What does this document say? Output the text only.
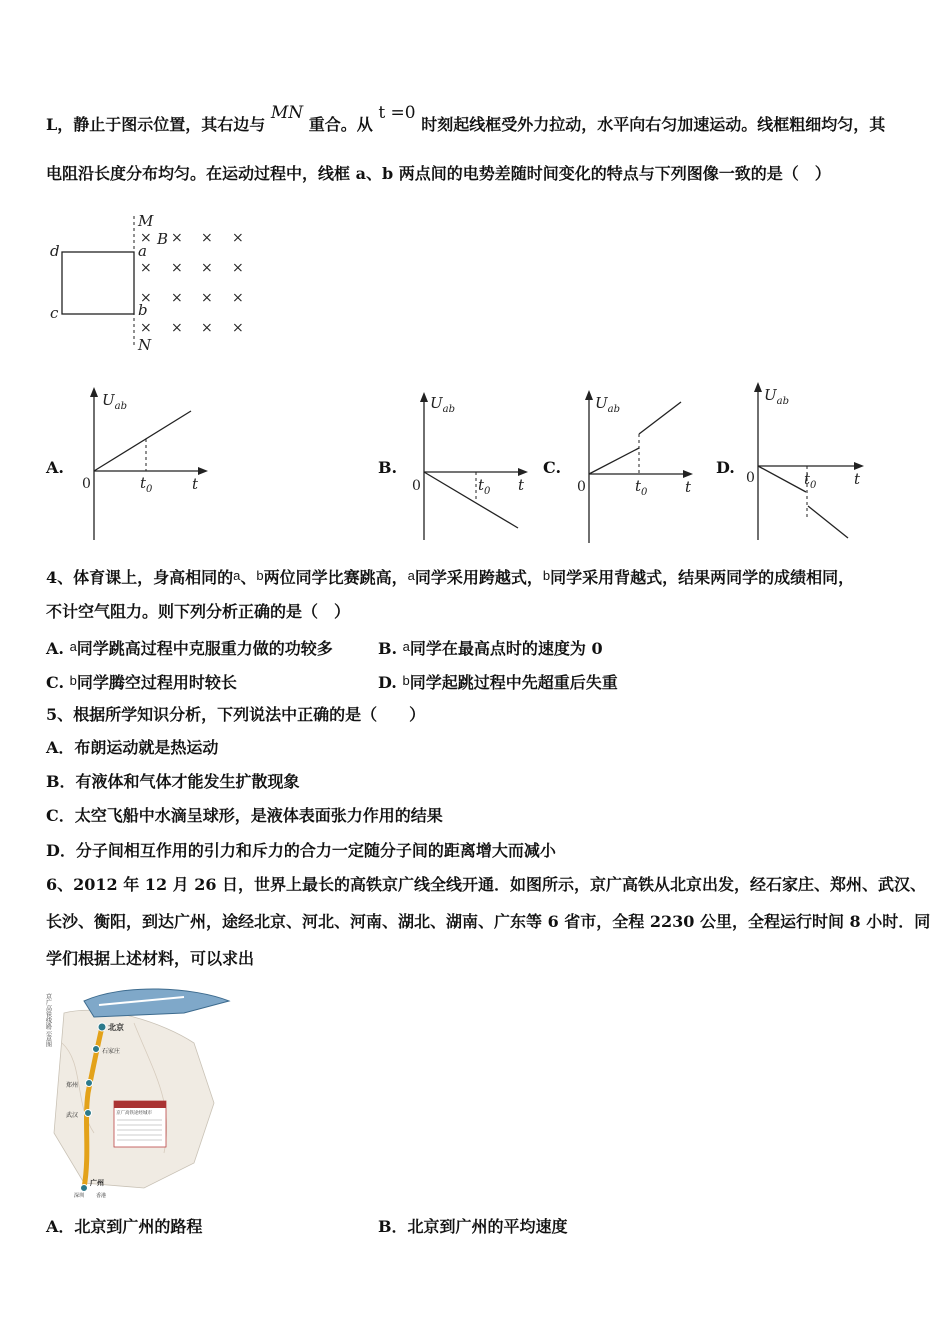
L，静止于图示位置，其右边与 MN 重合。从 t =0 时刻起线框受外力拉动，水平向右匀加速运动。线框粗细均匀，其
电阻沿长度分布均匀。在运动过程中，线框 a、b 两点间的电势差随时间变化的特点与下列图像一致的是（　）
M
N
B
a
b
c
d
× × × ×
× × × ×
× × × ×
× × × ×
A.
$U_{ab}$
0	$t_0$	t
B.
$U_{ab}$
0	$t_0$ t
C.
$U_{ab}$
0	$t_0$	t
D.
$U_{ab}$
0	$t_0$	t
4、体育课上，身高相同的a、b两位同学比赛跳高，a同学采用跨越式，b同学采用背越式，结果两同学的成绩相同，
不计空气阻力。则下列分析正确的是（　）
A. a同学跳高过程中克服重力做的功较多	B. a同学在最高点时的速度为 0
C. b同学腾空过程用时较长	D. b同学起跳过程中先超重后失重
5、根据所学知识分析，下列说法中正确的是（　　）
A．布朗运动就是热运动
B．有液体和气体才能发生扩散现象
C．太空飞船中水滴呈球形，是液体表面张力作用的结果
D．分子间相互作用的引力和斥力的合力一定随分子间的距离增大而减小
6、2012 年 12 月 26 日，世界上最长的高铁京广线全线开通．如图所示，京广高铁从北京出发，经石家庄、郑州、武汉、
长沙、衡阳，到达广州，途经北京、河北、河南、湖北、湖南、广东等 6 省市，全程 2230 公里，全程运行时间 8 小时．同
学们根据上述材料，可以求出
北京
石家庄
郑州
武汉
广州
深圳 香港
京广高铁线路示意图
京广高铁途经城市
A．北京到广州的路程	B．北京到广州的平均速度
